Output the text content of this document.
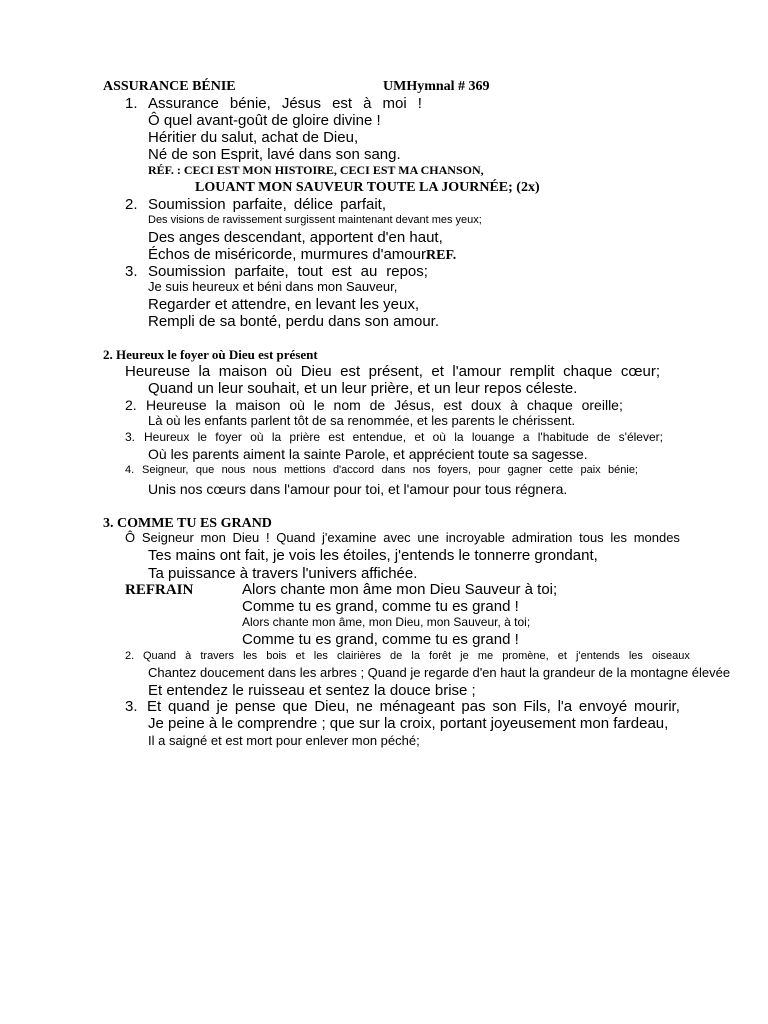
ASSURANCE BÉNIE	UMHymnal # 369
1. Assurance bénie, Jésus est à moi !
Ô quel avant-goût de gloire divine !
Héritier du salut, achat de Dieu,
Né de son Esprit, lavé dans son sang.
RÉF. : CECI EST MON HISTOIRE, CECI EST MA CHANSON,
LOUANT MON SAUVEUR TOUTE LA JOURNÉE; (2x)
2. Soumission parfaite, délice parfait,
Des visions de ravissement surgissent maintenant devant mes yeux;
Des anges descendant, apportent d'en haut,
Échos de miséricorde, murmures d'amour.
REF.
3. Soumission parfaite, tout est au repos;
Je suis heureux et béni dans mon Sauveur,
Regarder et attendre, en levant les yeux,
Rempli de sa bonté, perdu dans son amour.
2. Heureux le foyer où Dieu est présent
Heureuse la maison où Dieu est présent, et l'amour remplit chaque cœur;
Quand un leur souhait, et un leur prière, et un leur repos céleste.
2. Heureuse la maison où le nom de Jésus, est doux à chaque oreille;
Là où les enfants parlent tôt de sa renommée, et les parents le chérissent.
3. Heureux le foyer où la prière est entendue, et où la louange a l'habitude de s'élever;
Où les parents aiment la sainte Parole, et apprécient toute sa sagesse.
4. Seigneur, que nous nous mettions d'accord dans nos foyers, pour gagner cette paix bénie;
Unis nos cœurs dans l'amour pour toi, et l'amour pour tous régnera.
3. COMME TU ES GRAND
Ô Seigneur mon Dieu ! Quand j'examine avec une incroyable admiration tous les mondes
Tes mains ont fait, je vois les étoiles, j'entends le tonnerre grondant,
Ta puissance à travers l'univers affichée.
REFRAIN	Alors chante mon âme mon Dieu Sauveur à toi;
Comme tu es grand, comme tu es grand !
Alors chante mon âme, mon Dieu, mon Sauveur, à toi;
Comme tu es grand, comme tu es grand !
2. Quand à travers les bois et les clairières de la forêt je me promène, et j'entends les oiseaux
Chantez doucement dans les arbres ; Quand je regarde d'en haut la grandeur de la montagne élevée
Et entendez le ruisseau et sentez la douce brise ;
3. Et quand je pense que Dieu, ne ménageant pas son Fils, l'a envoyé mourir,
Je peine à le comprendre ; que sur la croix, portant joyeusement mon fardeau,
Il a saigné et est mort pour enlever mon péché;
